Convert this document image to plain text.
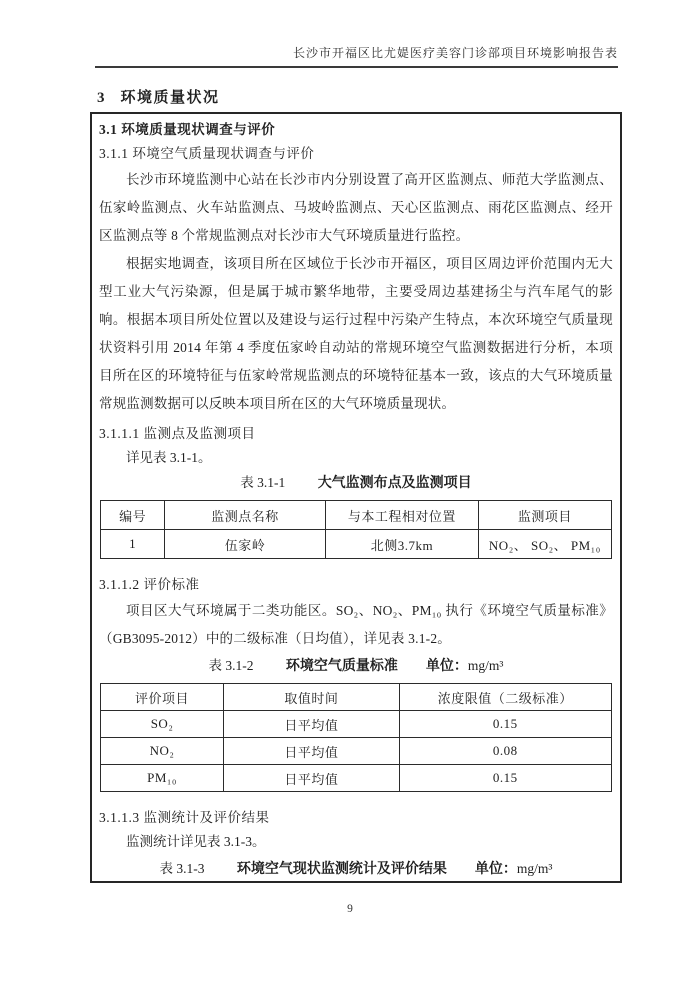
长沙市开福区比尤媞医疗美容门诊部项目环境影响报告表
3 环境质量状况
3.1 环境质量现状调查与评价
3.1.1 环境空气质量现状调查与评价
长沙市环境监测中心站在长沙市内分别设置了高开区监测点、师范大学监测点、伍家岭监测点、火车站监测点、马坡岭监测点、天心区监测点、雨花区监测点、经开区监测点等 8 个常规监测点对长沙市大气环境质量进行监控。
根据实地调查，该项目所在区域位于长沙市开福区，项目区周边评价范围内无大型工业大气污染源，但是属于城市繁华地带，主要受周边基建扬尘与汽车尾气的影响。根据本项目所处位置以及建设与运行过程中污染产生特点，本次环境空气质量现状资料引用 2014 年第 4 季度伍家岭自动站的常规环境空气监测数据进行分析，本项目所在区的环境特征与伍家岭常规监测点的环境特征基本一致，该点的大气环境质量常规监测数据可以反映本项目所在区的大气环境质量现状。
3.1.1.1 监测点及监测项目
详见表 3.1-1。
表 3.1-1 大气监测布点及监测项目
编号	监测点名称	与本工程相对位置	监测项目
1	伍家岭	北侧3.7km	NO₂、 SO₂、 PM₁₀
3.1.1.2 评价标准
项目区大气环境属于二类功能区。SO₂、NO₂、PM₁₀ 执行《环境空气质量标准》（GB3095-2012）中的二级标准（日均值），详见表 3.1-2。
表 3.1-2 环境空气质量标准 单位：mg/m³
评价项目	取值时间	浓度限值（二级标准）
SO₂	日平均值	0.15
NO₂	日平均值	0.08
PM₁₀	日平均值	0.15
3.1.1.3 监测统计及评价结果
监测统计详见表 3.1-3。
表 3.1-3 环境空气现状监测统计及评价结果 单位：mg/m³
9
